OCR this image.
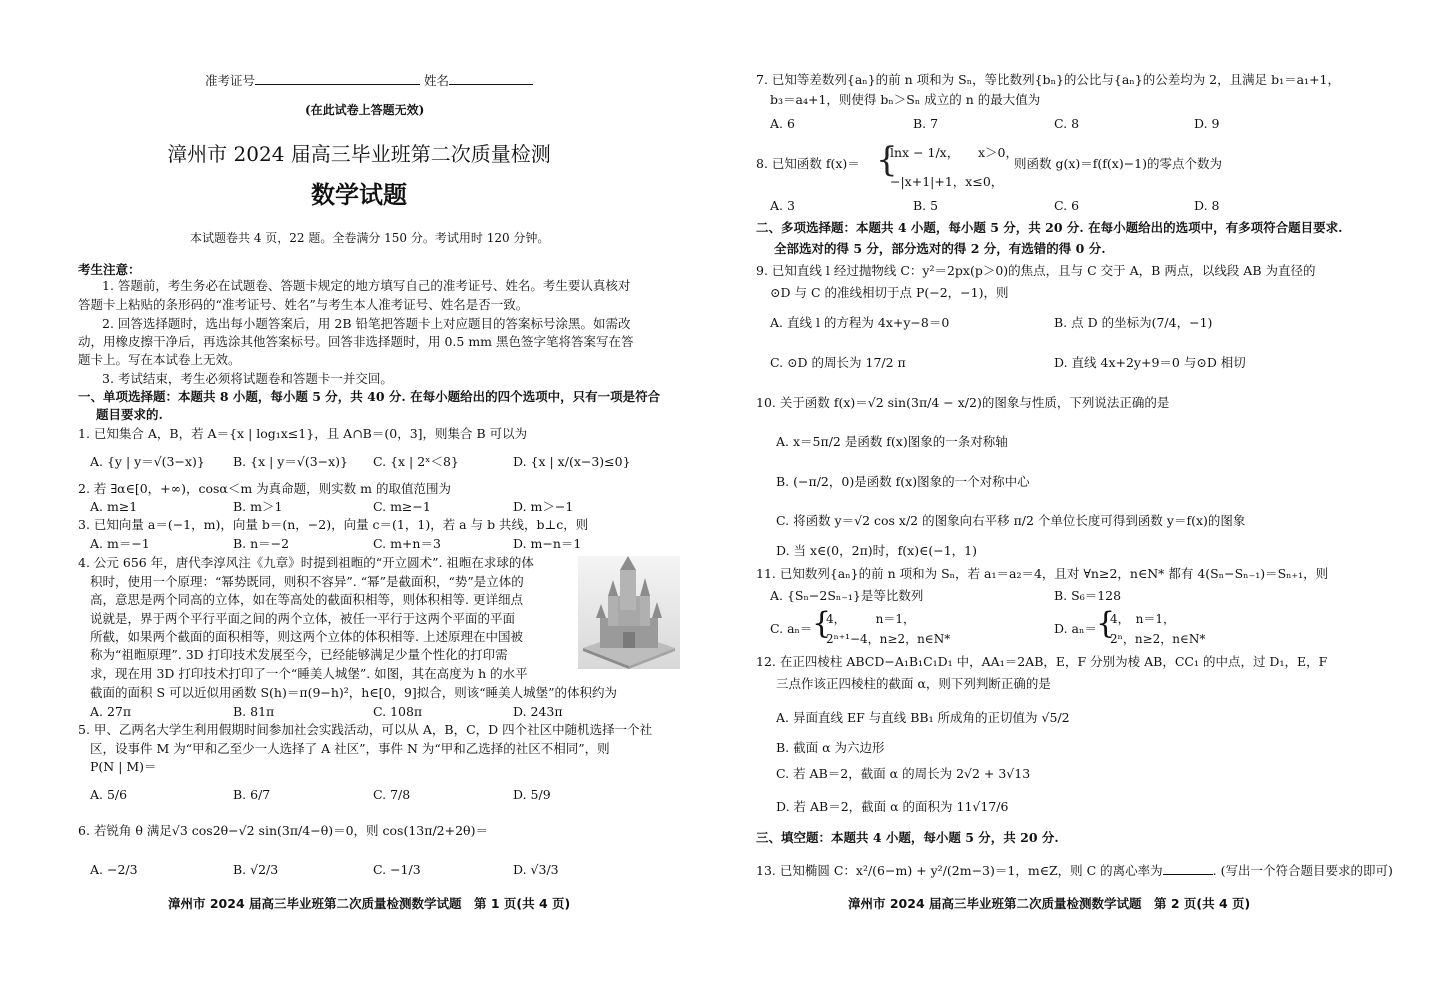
准考证号	姓名
(在此试卷上答题无效)
漳州市 2024 届高三毕业班第二次质量检测
数学试题
本试题卷共 4 页，22 题。全卷满分 150 分。考试用时 120 分钟。
考生注意：
1. 答题前，考生务必在试题卷、答题卡规定的地方填写自己的准考证号、姓名。考生要认真核对
答题卡上粘贴的条形码的“准考证号、姓名”与考生本人准考证号、姓名是否一致。
2. 回答选择题时，选出每小题答案后，用 2B 铅笔把答题卡上对应题目的答案标号涂黑。如需改
动，用橡皮擦干净后，再选涂其他答案标号。回答非选择题时，用 0.5 mm 黑色签字笔将答案写在答
题卡上。写在本试卷上无效。
3. 考试结束，考生必须将试题卷和答题卡一并交回。
一、单项选择题：本题共 8 小题，每小题 5 分，共 40 分. 在每小题给出的四个选项中，只有一项是符合
题目要求的.
1. 已知集合 A，B，若 A＝{x | log₁x≤1}，且 A∩B＝(0，3]，则集合 B 可以为
A. {y | y＝√(3−x)} B. {x | y＝√(3−x)} C. {x | 2ˣ＜8}	D. {x | x/(x−3)≤0}
2. 若 ∃α∈[0，+∞)，cosα＜m 为真命题，则实数 m 的取值范围为
A. m≥1	B. m＞1	C. m≥−1	D. m＞−1
3. 已知向量 a＝(−1，m)，向量 b＝(n，−2)，向量 c＝(1，1)，若 a 与 b 共线，b⊥c，则
A. m＝−1	B. n＝−2	C. m+n＝3	D. m−n＝1
4. 公元 656 年，唐代李淳风注《九章》时提到祖暅的“开立圆术”. 祖暅在求球的体
积时，使用一个原理：“幂势既同，则积不容异”. “幂”是截面积，“势”是立体的
高，意思是两个同高的立体，如在等高处的截面积相等，则体积相等. 更详细点
说就是，界于两个平行平面之间的两个立体，被任一平行于这两个平面的平面
所截，如果两个截面的面积相等，则这两个立体的体积相等. 上述原理在中国被
称为“祖暅原理”. 3D 打印技术发展至今，已经能够满足少量个性化的打印需
求，现在用 3D 打印技术打印了一个“睡美人城堡”. 如图，其在高度为 h 的水平
截面的面积 S 可以近似用函数 S(h)＝π(9−h)²，h∈[0，9]拟合，则该“睡美人城堡”的体积约为
A. 27π	B. 81π	C. 108π	D. 243π
5. 甲、乙两名大学生利用假期时间参加社会实践活动，可以从 A，B，C，D 四个社区中随机选择一个社
区，设事件 M 为“甲和乙至少一人选择了 A 社区”，事件 N 为“甲和乙选择的社区不相同”，则
P(N | M)＝
A. 5/6	B. 6/7	C. 7/8	D. 5/9
6. 若锐角 θ 满足√3 cos2θ−√2 sin(3π/4−θ)＝0，则 cos(13π/2+2θ)＝
A. −2/3	B. √2/3	C. −1/3	D. √3/3
漳州市 2024 届高三毕业班第二次质量检测数学试题　第 1 页(共 4 页)
7. 已知等差数列{aₙ}的前 n 项和为 Sₙ，等比数列{bₙ}的公比与{aₙ}的公差均为 2，且满足 b₁＝a₁+1，
b₃＝a₄+1，则使得 bₙ＞Sₙ 成立的 n 的最大值为
A. 6	B. 7	C. 8	D. 9
8. 已知函数 f(x)＝ {
lnx − 1/x，　　x＞0，
−|x+1|+1，x≤0，
则函数 g(x)＝f(f(x)−1)的零点个数为
A. 3	B. 5	C. 6	D. 8
二、多项选择题：本题共 4 小题，每小题 5 分，共 20 分. 在每小题给出的选项中，有多项符合题目要求.
全部选对的得 5 分，部分选对的得 2 分，有选错的得 0 分.
9. 已知直线 l 经过抛物线 C：y²＝2px(p＞0)的焦点，且与 C 交于 A，B 两点，以线段 AB 为直径的
⊙D 与 C 的准线相切于点 P(−2，−1)，则
A. 直线 l 的方程为 4x+y−8＝0	B. 点 D 的坐标为(7/4，−1)
C. ⊙D 的周长为 17/2 π	D. 直线 4x+2y+9＝0 与⊙D 相切
10. 关于函数 f(x)＝√2 sin(3π/4 − x/2)的图象与性质，下列说法正确的是
A. x＝5π/2 是函数 f(x)图象的一条对称轴
B. (−π/2，0)是函数 f(x)图象的一个对称中心
C. 将函数 y＝√2 cos x/2 的图象向右平移 π/2 个单位长度可得到函数 y＝f(x)的图象
D. 当 x∈(0，2π)时，f(x)∈(−1，1)
11. 已知数列{aₙ}的前 n 项和为 Sₙ，若 a₁＝a₂＝4，且对 ∀n≥2，n∈N* 都有 4(Sₙ−Sₙ₋₁)＝Sₙ₊₁，则
A. {Sₙ−2Sₙ₋₁}是等比数列	B. S₆＝128
C. aₙ＝ {
4，　　　n＝1，
2ⁿ⁺¹−4，n≥2，n∈N*
D. aₙ＝ {
4，　n＝1，
2ⁿ，n≥2，n∈N*
12. 在正四棱柱 ABCD−A₁B₁C₁D₁ 中，AA₁＝2AB，E，F 分别为棱 AB，CC₁ 的中点，过 D₁，E，F
三点作该正四棱柱的截面 α，则下列判断正确的是
A. 异面直线 EF 与直线 BB₁ 所成角的正切值为 √5/2
B. 截面 α 为六边形
C. 若 AB＝2，截面 α 的周长为 2√2 + 3√13
D. 若 AB＝2，截面 α 的面积为 11√17/6
三、填空题：本题共 4 小题，每小题 5 分，共 20 分.
13. 已知椭圆 C：x²/(6−m) + y²/(2m−3)＝1，m∈Z，则 C 的离心率为	. (写出一个符合题目要求的即可)
漳州市 2024 届高三毕业班第二次质量检测数学试题　第 2 页(共 4 页)
